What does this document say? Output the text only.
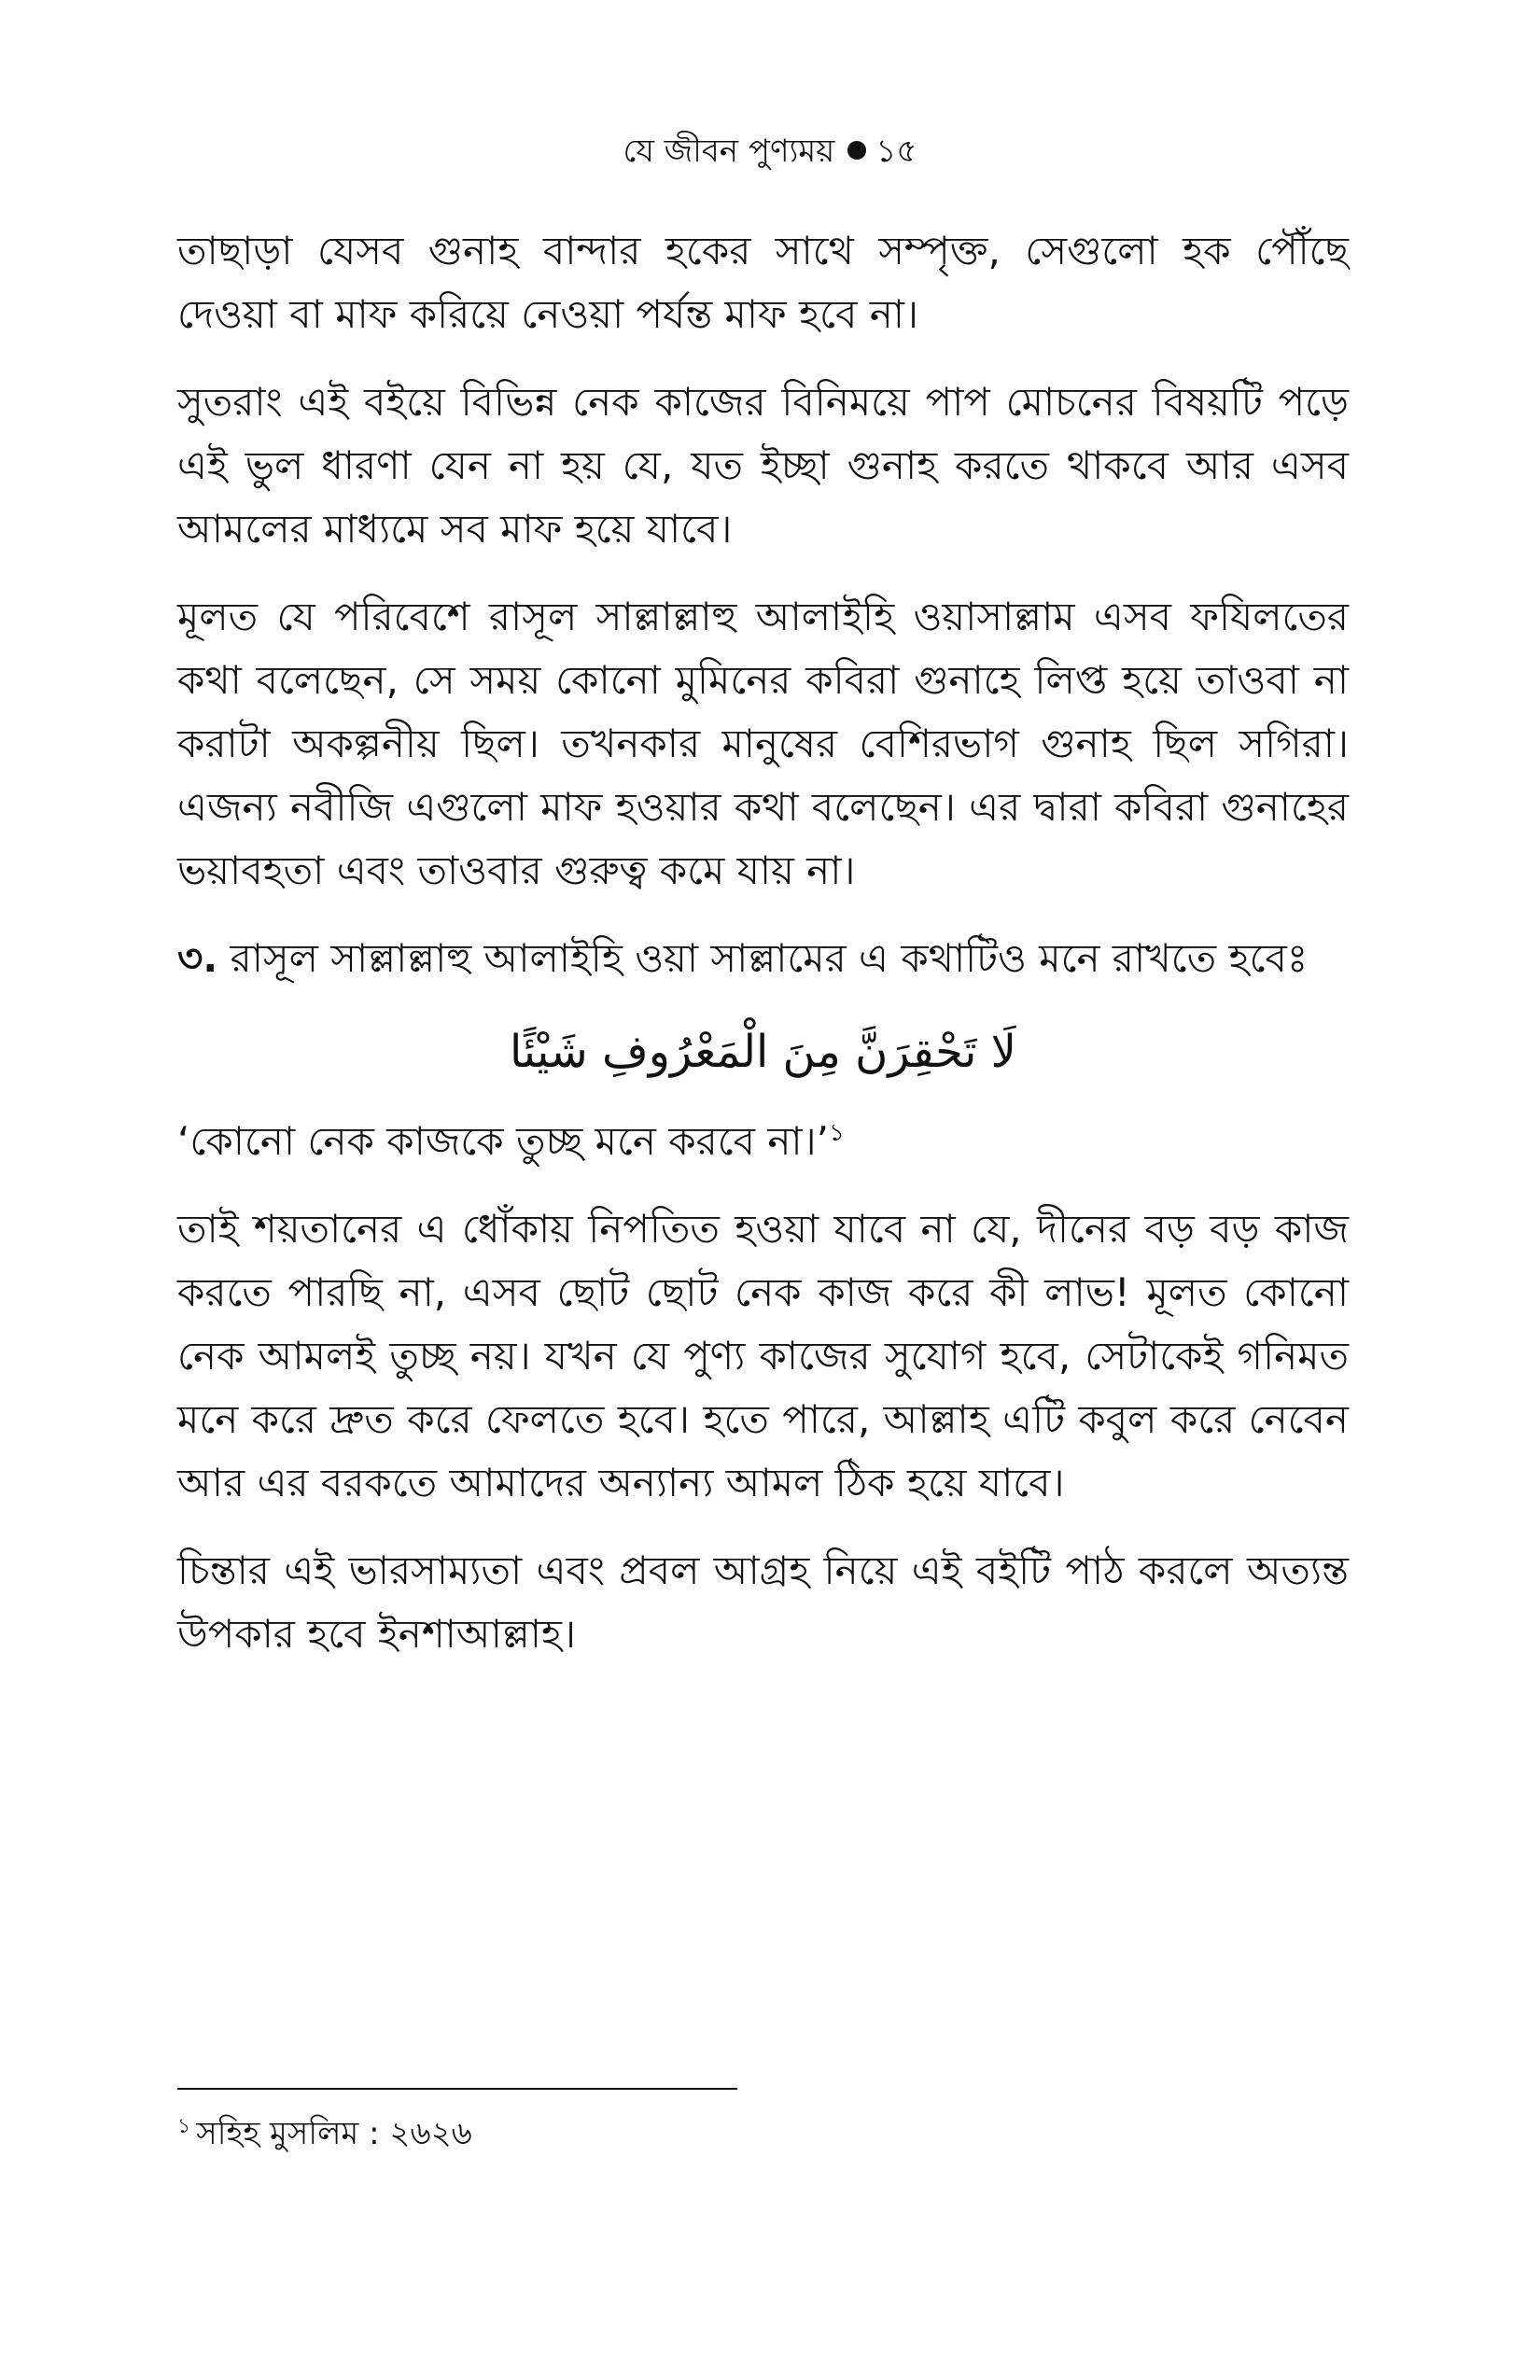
যে জীবন পুণ্যময় ১৫

তাছাড়া যেসব গুনাহ বান্দার হকের সাথে সম্পৃক্ত, সেগুলো হক পৌঁছে দেওয়া বা মাফ করিয়ে নেওয়া পর্যন্ত মাফ হবে না।

সুতরাং এই বইয়ে বিভিন্ন নেক কাজের বিনিময়ে পাপ মোচনের বিষয়টি পড়ে এই ভুল ধারণা যেন না হয় যে, যত ইচ্ছা গুনাহ করতে থাকবে আর এসব আমলের মাধ্যমে সব মাফ হয়ে যাবে।

মূলত যে পরিবেশে রাসূল সাল্লাল্লাহু আলাইহি ওয়াসাল্লাম এসব ফযিলতের কথা বলেছেন, সে সময় কোনো মুমিনের কবিরা গুনাহে লিপ্ত হয়ে তাওবা না করাটা অকল্পনীয় ছিল। তখনকার মানুষের বেশিরভাগ গুনাহ ছিল সগিরা। এজন্য নবীজি এগুলো মাফ হওয়ার কথা বলেছেন। এর দ্বারা কবিরা গুনাহের ভয়াবহতা এবং তাওবার গুরুত্ব কমে যায় না।

৩. রাসূল সাল্লাল্লাহু আলাইহি ওয়া সাল্লামের এ কথাটিও মনে রাখতে হবেঃ

لَا تَحْقِرَنَّ مِنَ الْمَعْرُوفِ شَيْئًا

‘কোনো নেক কাজকে তুচ্ছ মনে করবে না।’$^১$

তাই শয়তানের এ ধোঁকায় নিপতিত হওয়া যাবে না যে, দীনের বড় বড় কাজ করতে পারছি না, এসব ছোট ছোট নেক কাজ করে কী লাভ! মূলত কোনো নেক আমলই তুচ্ছ নয়। যখন যে পুণ্য কাজের সুযোগ হবে, সেটাকেই গনিমত মনে করে দ্রুত করে ফেলতে হবে। হতে পারে, আল্লাহ এটি কবুল করে নেবেন আর এর বরকতে আমাদের অন্যান্য আমল ঠিক হয়ে যাবে।

চিন্তার এই ভারসাম্যতা এবং প্রবল আগ্রহ নিয়ে এই বইটি পাঠ করলে অত্যন্ত উপকার হবে ইনশাআল্লাহ।

$^১$ সহিহ মুসলিম : ২৬২৬
